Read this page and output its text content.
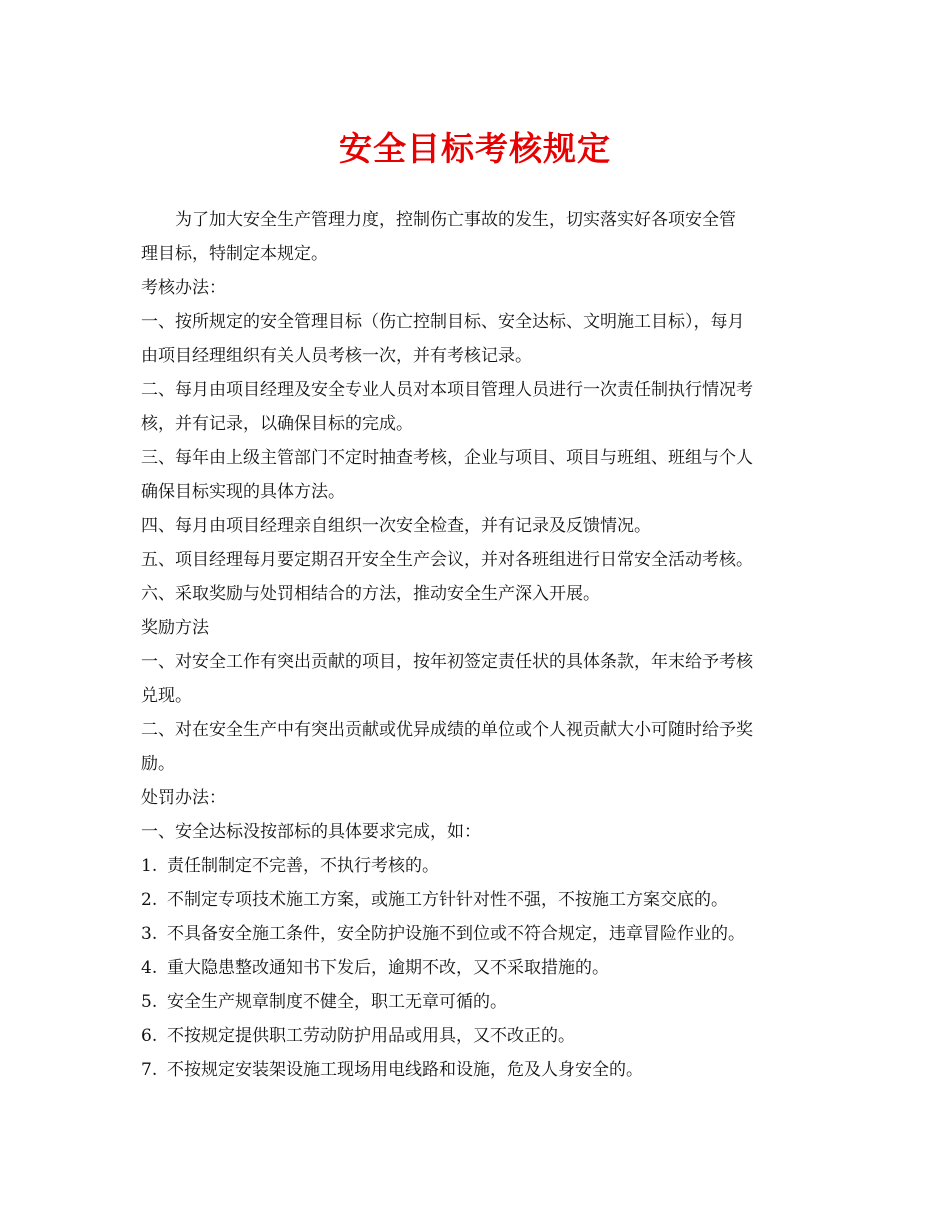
安全目标考核规定
　　为了加大安全生产管理力度，控制伤亡事故的发生，切实落实好各项安全管
理目标，特制定本规定。
考核办法：
一、按所规定的安全管理目标（伤亡控制目标、安全达标、文明施工目标），每月
由项目经理组织有关人员考核一次，并有考核记录。
二、每月由项目经理及安全专业人员对本项目管理人员进行一次责任制执行情况考
核，并有记录，以确保目标的完成。
三、每年由上级主管部门不定时抽查考核，企业与项目、项目与班组、班组与个人
确保目标实现的具体方法。
四、每月由项目经理亲自组织一次安全检查，并有记录及反馈情况。
五、项目经理每月要定期召开安全生产会议，并对各班组进行日常安全活动考核。
六、采取奖励与处罚相结合的方法，推动安全生产深入开展。
奖励方法
一、对安全工作有突出贡献的项目，按年初签定责任状的具体条款，年末给予考核
兑现。
二、对在安全生产中有突出贡献或优异成绩的单位或个人视贡献大小可随时给予奖
励。
处罚办法：
一、安全达标没按部标的具体要求完成，如：
1. 责任制制定不完善，不执行考核的。
2. 不制定专项技术施工方案，或施工方针针对性不强，不按施工方案交底的。
3. 不具备安全施工条件，安全防护设施不到位或不符合规定，违章冒险作业的。
4. 重大隐患整改通知书下发后，逾期不改，又不采取措施的。
5. 安全生产规章制度不健全，职工无章可循的。
6. 不按规定提供职工劳动防护用品或用具，又不改正的。
7. 不按规定安装架设施工现场用电线路和设施，危及人身安全的。
